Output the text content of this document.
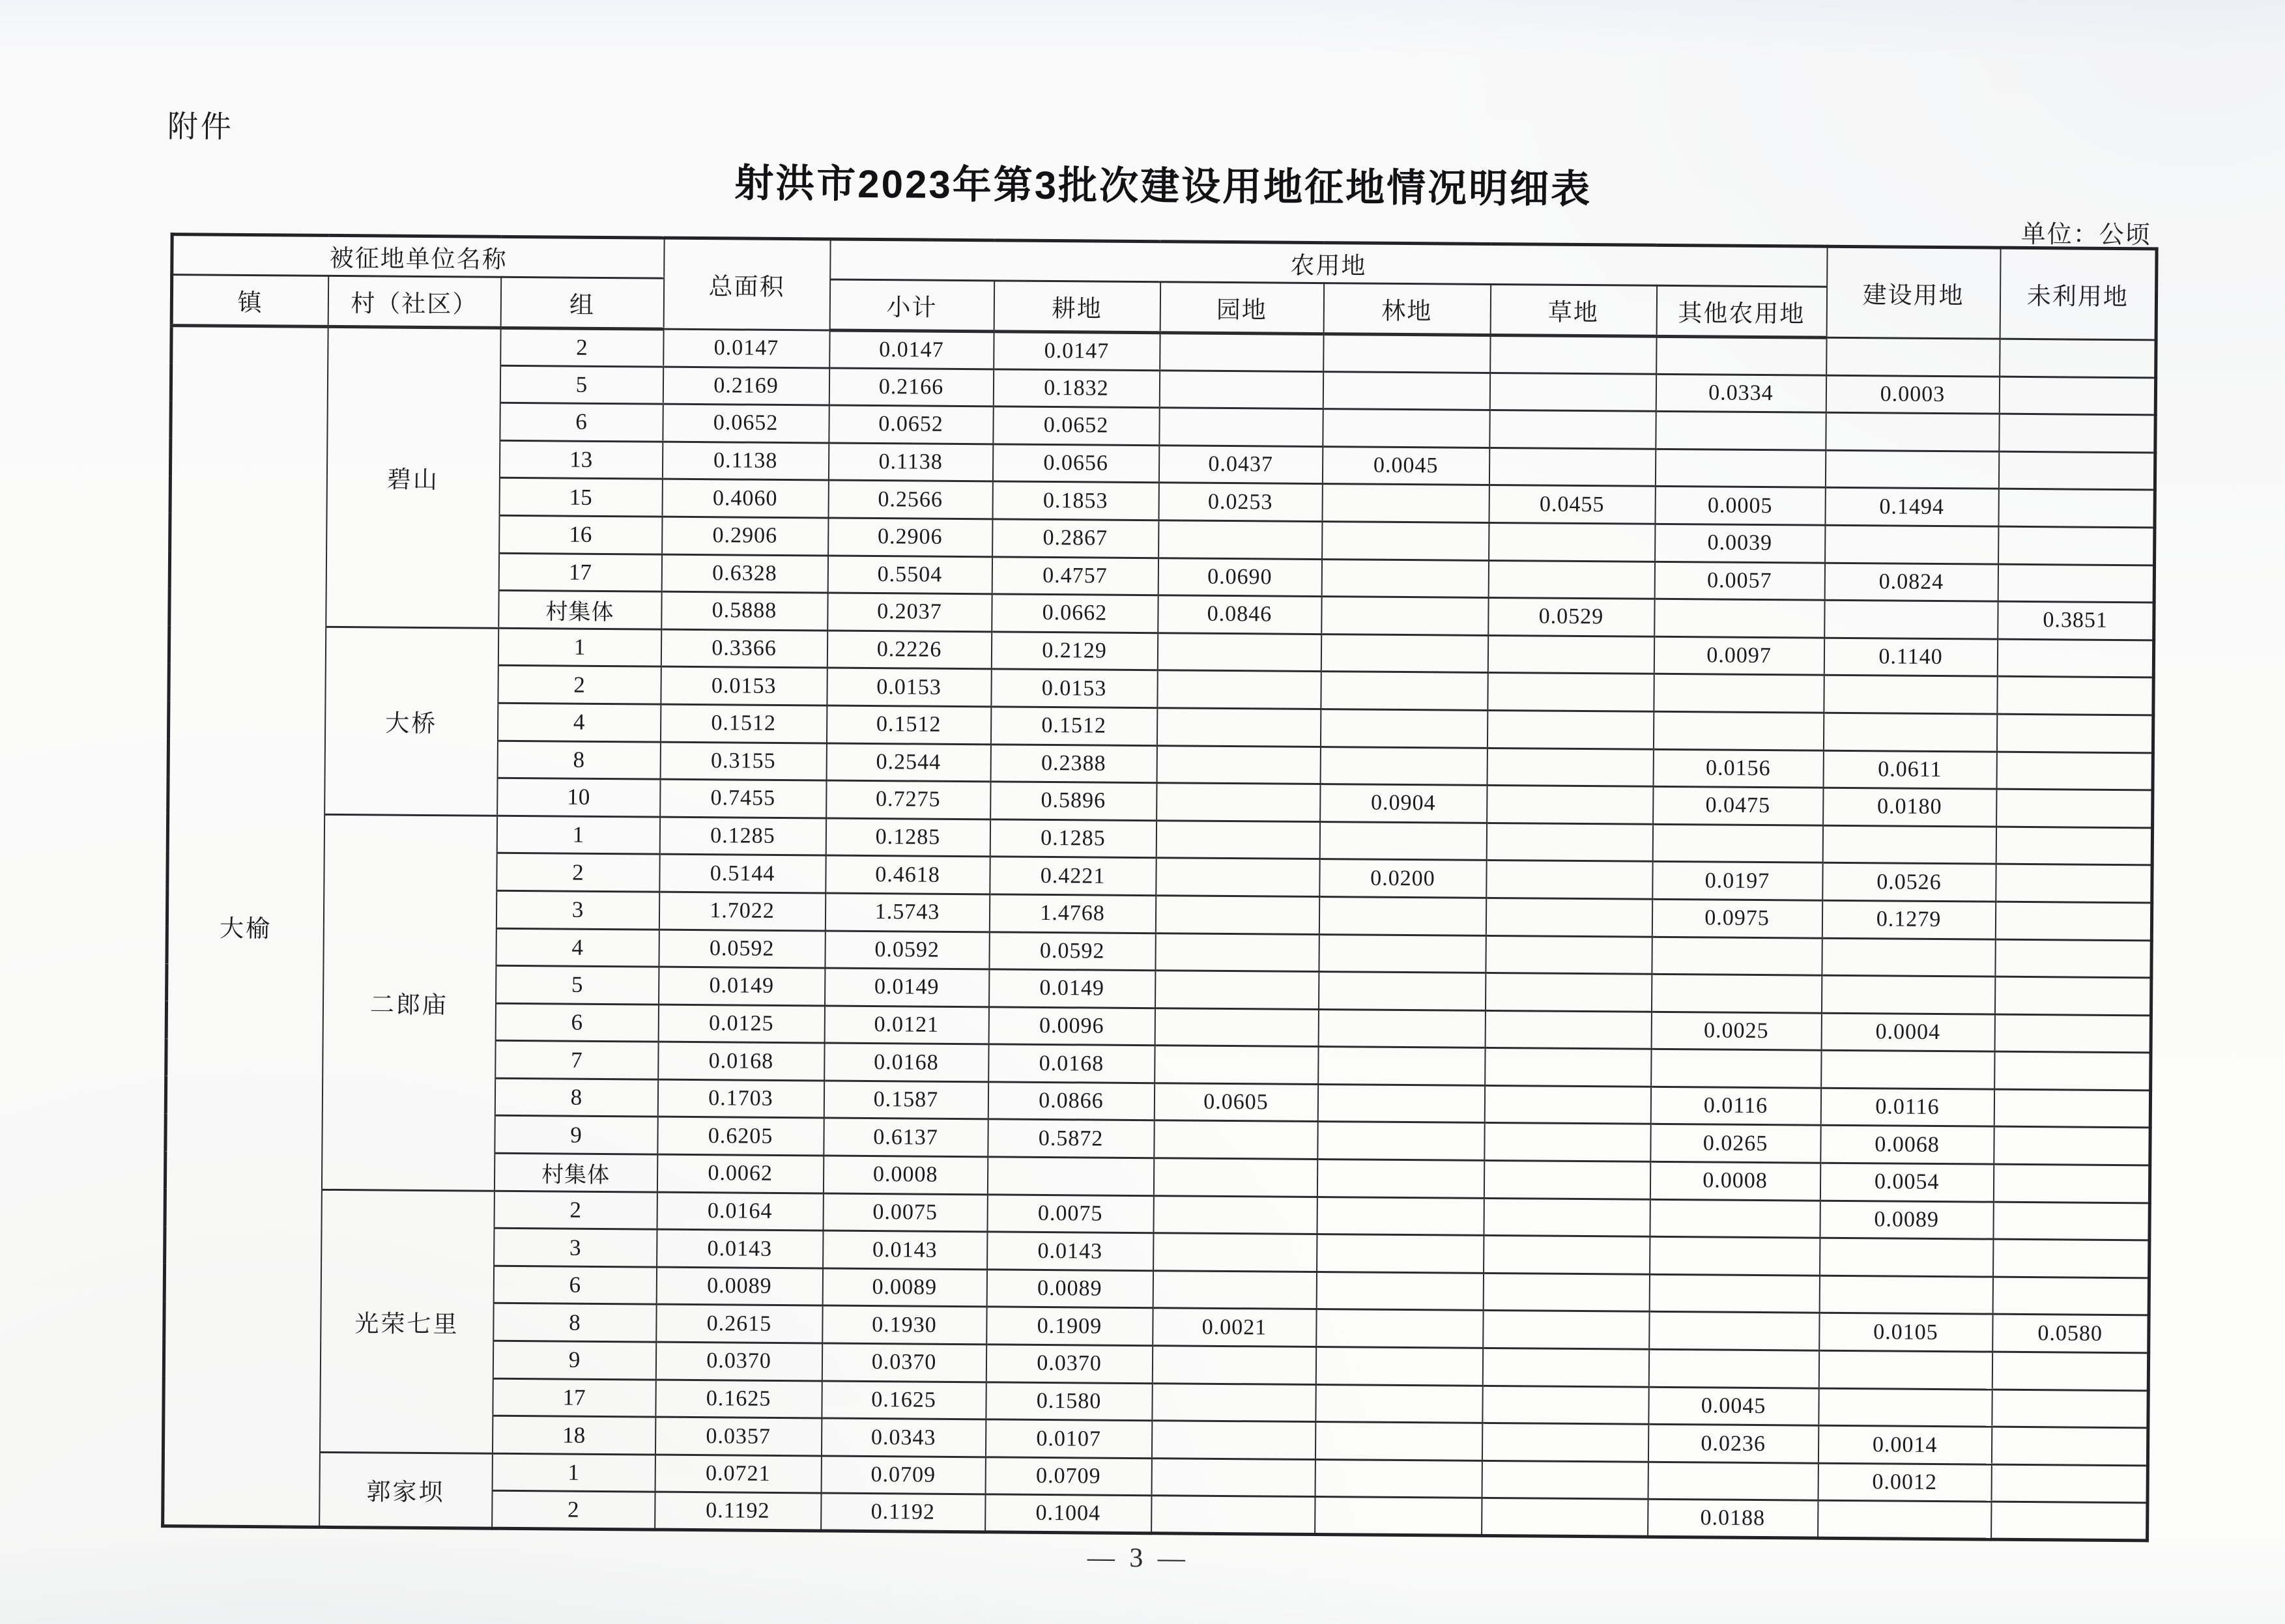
附件
射洪市2023年第3批次建设用地征地情况明细表
单位：公顷
被征地单位名称			总面积	农用地						建设用地	未利用地
镇	村（社区）	组		小计	耕地	园地	林地	草地	其他农用地		
大榆	碧山	2	0.0147	0.0147	0.0147						
		5	0.2169	0.2166	0.1832				0.0334	0.0003	
		6	0.0652	0.0652	0.0652						
		13	0.1138	0.1138	0.0656	0.0437	0.0045				
		15	0.4060	0.2566	0.1853	0.0253		0.0455	0.0005	0.1494	
		16	0.2906	0.2906	0.2867				0.0039		
		17	0.6328	0.5504	0.4757	0.0690			0.0057	0.0824	
		村集体	0.5888	0.2037	0.0662	0.0846		0.0529			0.3851
	大桥	1	0.3366	0.2226	0.2129				0.0097	0.1140	
		2	0.0153	0.0153	0.0153						
		4	0.1512	0.1512	0.1512						
		8	0.3155	0.2544	0.2388				0.0156	0.0611	
		10	0.7455	0.7275	0.5896		0.0904		0.0475	0.0180	
	二郎庙	1	0.1285	0.1285	0.1285						
		2	0.5144	0.4618	0.4221		0.0200		0.0197	0.0526	
		3	1.7022	1.5743	1.4768				0.0975	0.1279	
		4	0.0592	0.0592	0.0592						
		5	0.0149	0.0149	0.0149						
		6	0.0125	0.0121	0.0096				0.0025	0.0004	
		7	0.0168	0.0168	0.0168						
		8	0.1703	0.1587	0.0866	0.0605			0.0116	0.0116	
		9	0.6205	0.6137	0.5872				0.0265	0.0068	
		村集体	0.0062	0.0008					0.0008	0.0054	
	光荣七里	2	0.0164	0.0075	0.0075					0.0089	
		3	0.0143	0.0143	0.0143						
		6	0.0089	0.0089	0.0089						
		8	0.2615	0.1930	0.1909	0.0021				0.0105	0.0580
		9	0.0370	0.0370	0.0370						
		17	0.1625	0.1625	0.1580				0.0045		
		18	0.0357	0.0343	0.0107				0.0236	0.0014	
	郭家坝	1	0.0721	0.0709	0.0709					0.0012	
		2	0.1192	0.1192	0.1004				0.0188		
— 3 —
